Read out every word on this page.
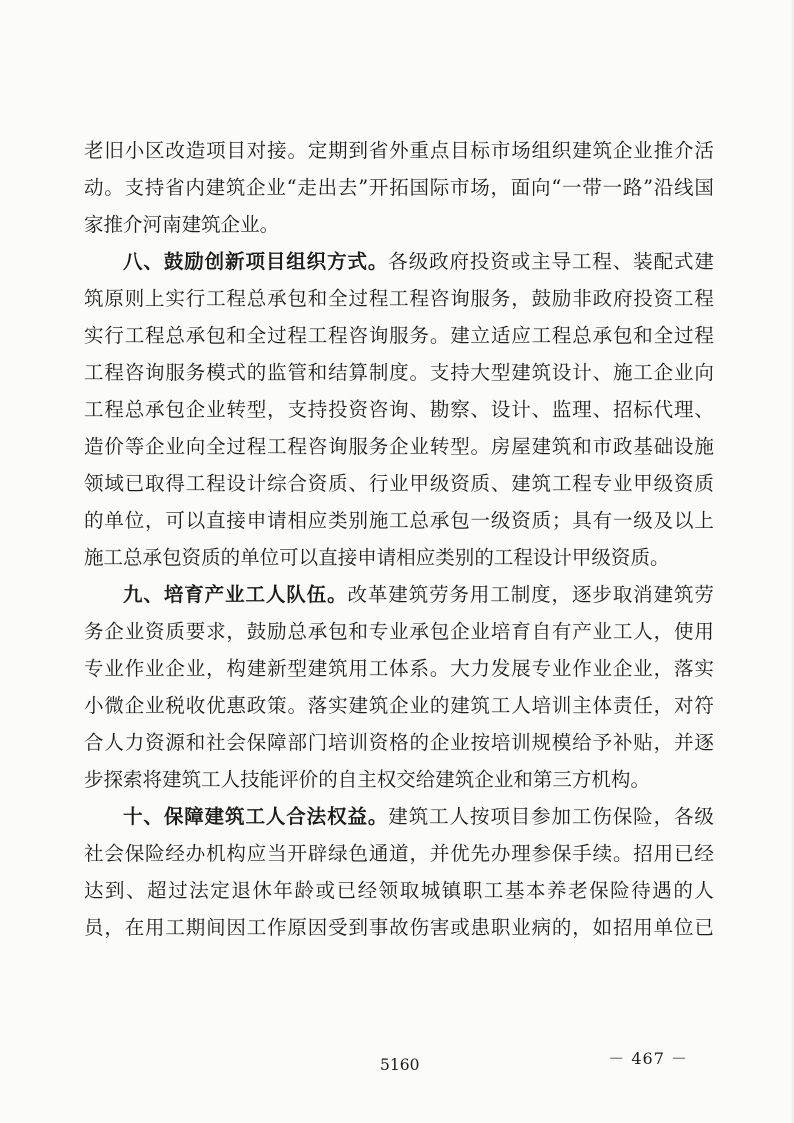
老 旧 小 区 改 造 项 目 对 接 。 定 期 到 省 外 重 点 目 标 市 场 组 织 建 筑 企 业 推 介 活
动 。 支 持 省 内 建 筑 企 业 “ 走 出 去 ” 开 拓 国 际 市 场 ， 面 向 “ 一 带 一 路 ” 沿 线 国
家 推 介 河 南 建 筑 企 业 。
八 、 鼓 励 创 新 项 目 组 织 方 式 。 各 级 政 府 投 资 或 主 导 工 程 、 装 配 式 建
筑 原 则 上 实 行 工 程 总 承 包 和 全 过 程 工 程 咨 询 服 务 ， 鼓 励 非 政 府 投 资 工 程
实 行 工 程 总 承 包 和 全 过 程 工 程 咨 询 服 务 。 建 立 适 应 工 程 总 承 包 和 全 过 程
工 程 咨 询 服 务 模 式 的 监 管 和 结 算 制 度 。 支 持 大 型 建 筑 设 计 、 施 工 企 业 向
工 程 总 承 包 企 业 转 型 ， 支 持 投 资 咨 询 、 勘 察 、 设 计 、 监 理 、 招 标 代 理 、
造 价 等 企 业 向 全 过 程 工 程 咨 询 服 务 企 业 转 型 。 房 屋 建 筑 和 市 政 基 础 设 施
领 域 已 取 得 工 程 设 计 综 合 资 质 、 行 业 甲 级 资 质 、 建 筑 工 程 专 业 甲 级 资 质
的 单 位 ， 可 以 直 接 申 请 相 应 类 别 施 工 总 承 包 一 级 资 质 ； 具 有 一 级 及 以 上
施 工 总 承 包 资 质 的 单 位 可 以 直 接 申 请 相 应 类 别 的 工 程 设 计 甲 级 资 质 。
九 、 培 育 产 业 工 人 队 伍 。 改 革 建 筑 劳 务 用 工 制 度 ， 逐 步 取 消 建 筑 劳
务 企 业 资 质 要 求 ， 鼓 励 总 承 包 和 专 业 承 包 企 业 培 育 自 有 产 业 工 人 ， 使 用
专 业 作 业 企 业 ， 构 建 新 型 建 筑 用 工 体 系 。 大 力 发 展 专 业 作 业 企 业 ， 落 实
小 微 企 业 税 收 优 惠 政 策 。 落 实 建 筑 企 业 的 建 筑 工 人 培 训 主 体 责 任 ， 对 符
合 人 力 资 源 和 社 会 保 障 部 门 培 训 资 格 的 企 业 按 培 训 规 模 给 予 补 贴 ， 并 逐
步 探 索 将 建 筑 工 人 技 能 评 价 的 自 主 权 交 给 建 筑 企 业 和 第 三 方 机 构 。
十 、 保 障 建 筑 工 人 合 法 权 益 。 建 筑 工 人 按 项 目 参 加 工 伤 保 险 ， 各 级
社 会 保 险 经 办 机 构 应 当 开 辟 绿 色 通 道 ， 并 优 先 办 理 参 保 手 续 。 招 用 已 经
达 到 、 超 过 法 定 退 休 年 龄 或 已 经 领 取 城 镇 职 工 基 本 养 老 保 险 待 遇 的 人
员 ， 在 用 工 期 间 因 工 作 原 因 受 到 事 故 伤 害 或 患 职 业 病 的 ， 如 招 用 单 位 已
－ 467 －
5160
